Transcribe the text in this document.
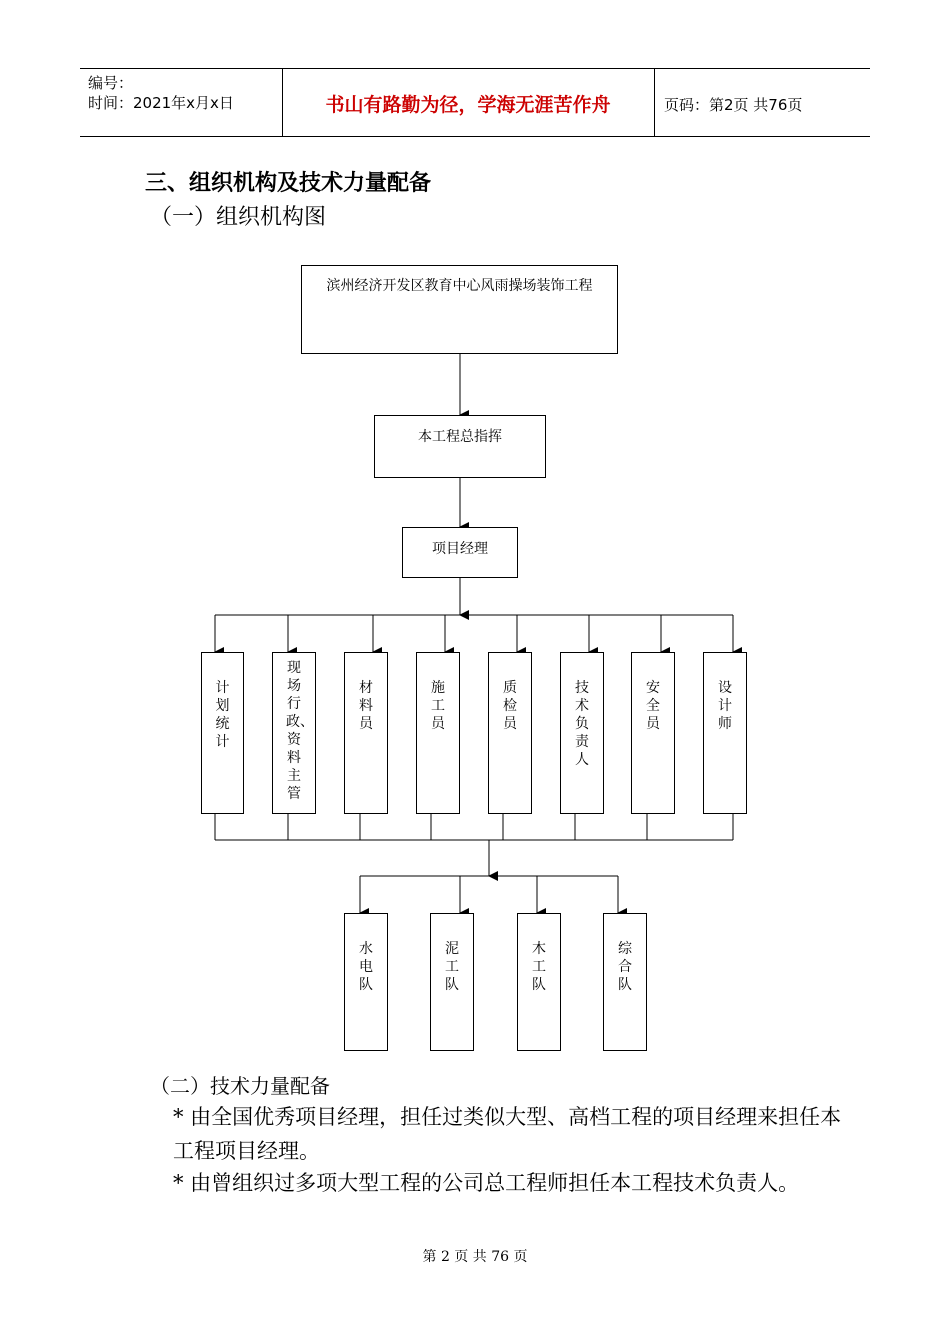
编号：
时间：2021年x月x日	书山有路勤为径，学海无涯苦作舟	页码：第2页 共76页
三、组织机构及技术力量配备
（一）组织机构图
滨州经济开发区教育中心风雨操场装饰工程
本工程总指挥
项目经理
计划统计
现场行政、资料主管
材料员
施工员
质检员
技术负责人
安全员
设计师
水电队
泥工队
木工队
综合队
（二）技术力量配备
* 由全国优秀项目经理，担任过类似大型、高档工程的项目经理来担任本工程项目经理。
* 由曾组织过多项大型工程的公司总工程师担任本工程技术负责人。
第 2 页 共 76 页
